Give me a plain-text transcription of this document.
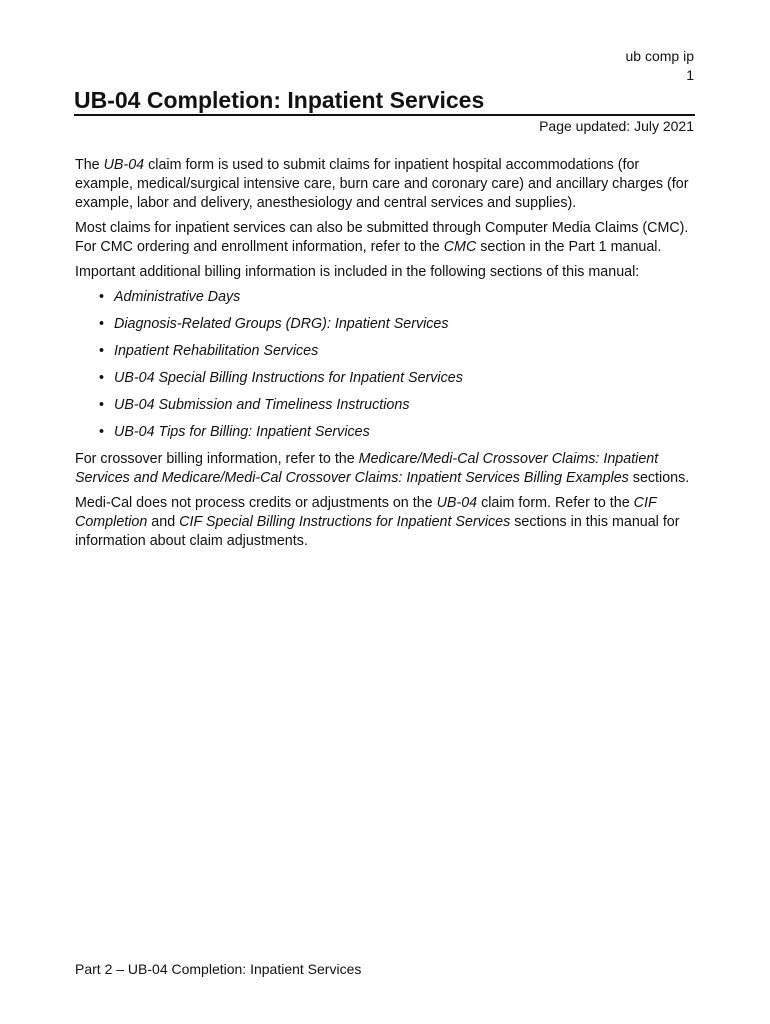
ub comp ip
1
UB-04 Completion: Inpatient Services
Page updated: July 2021

The UB-04 claim form is used to submit claims for inpatient hospital accommodations (for example, medical/surgical intensive care, burn care and coronary care) and ancillary charges (for example, labor and delivery, anesthesiology and central services and supplies).

Most claims for inpatient services can also be submitted through Computer Media Claims (CMC). For CMC ordering and enrollment information, refer to the CMC section in the Part 1 manual.

Important additional billing information is included in the following sections of this manual:

• Administrative Days
• Diagnosis-Related Groups (DRG): Inpatient Services
• Inpatient Rehabilitation Services
• UB-04 Special Billing Instructions for Inpatient Services
• UB-04 Submission and Timeliness Instructions
• UB-04 Tips for Billing: Inpatient Services

For crossover billing information, refer to the Medicare/Medi-Cal Crossover Claims: Inpatient Services and Medicare/Medi-Cal Crossover Claims: Inpatient Services Billing Examples sections.

Medi-Cal does not process credits or adjustments on the UB-04 claim form. Refer to the CIF Completion and CIF Special Billing Instructions for Inpatient Services sections in this manual for information about claim adjustments.

Part 2 – UB-04 Completion: Inpatient Services
